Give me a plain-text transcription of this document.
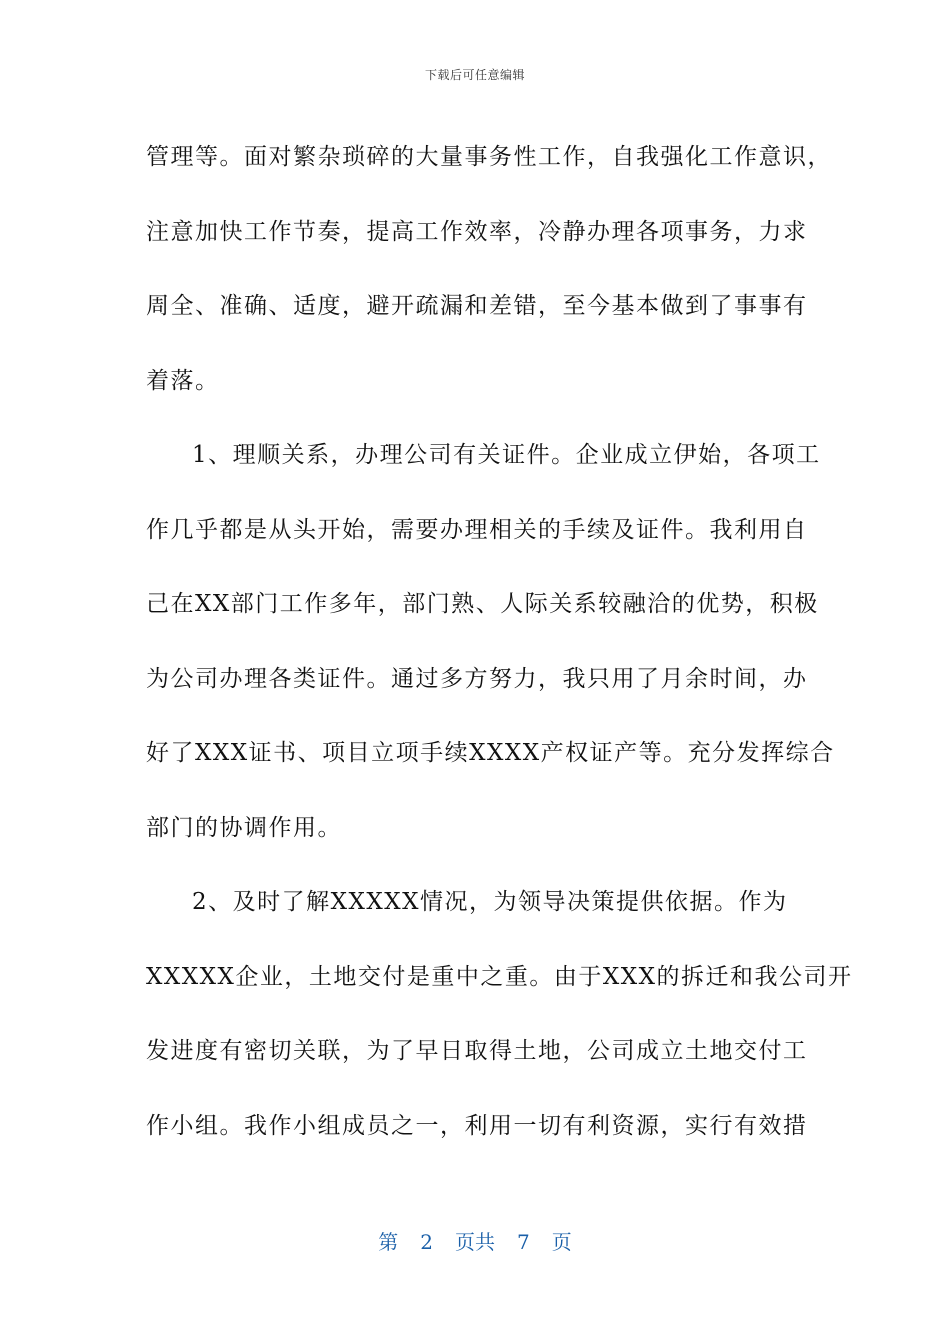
下载后可任意编辑
管理等。面对繁杂琐碎的大量事务性工作，自我强化工作意识，
注意加快工作节奏，提高工作效率，冷静办理各项事务，力求
周全、准确、适度，避开疏漏和差错，至今基本做到了事事有
着落。
1、理顺关系，办理公司有关证件。企业成立伊始，各项工
作几乎都是从头开始，需要办理相关的手续及证件。我利用自
己在XX部门工作多年，部门熟、人际关系较融洽的优势，积极
为公司办理各类证件。通过多方努力，我只用了月余时间，办
好了XXX证书、项目立项手续XXXX产权证产等。充分发挥综合
部门的协调作用。
2、及时了解XXXXX情况，为领导决策提供依据。作为
XXXXX企业，土地交付是重中之重。由于XXX的拆迁和我公司开
发进度有密切关联，为了早日取得土地，公司成立土地交付工
作小组。我作小组成员之一，利用一切有利资源，实行有效措
第 2 页共 7 页
